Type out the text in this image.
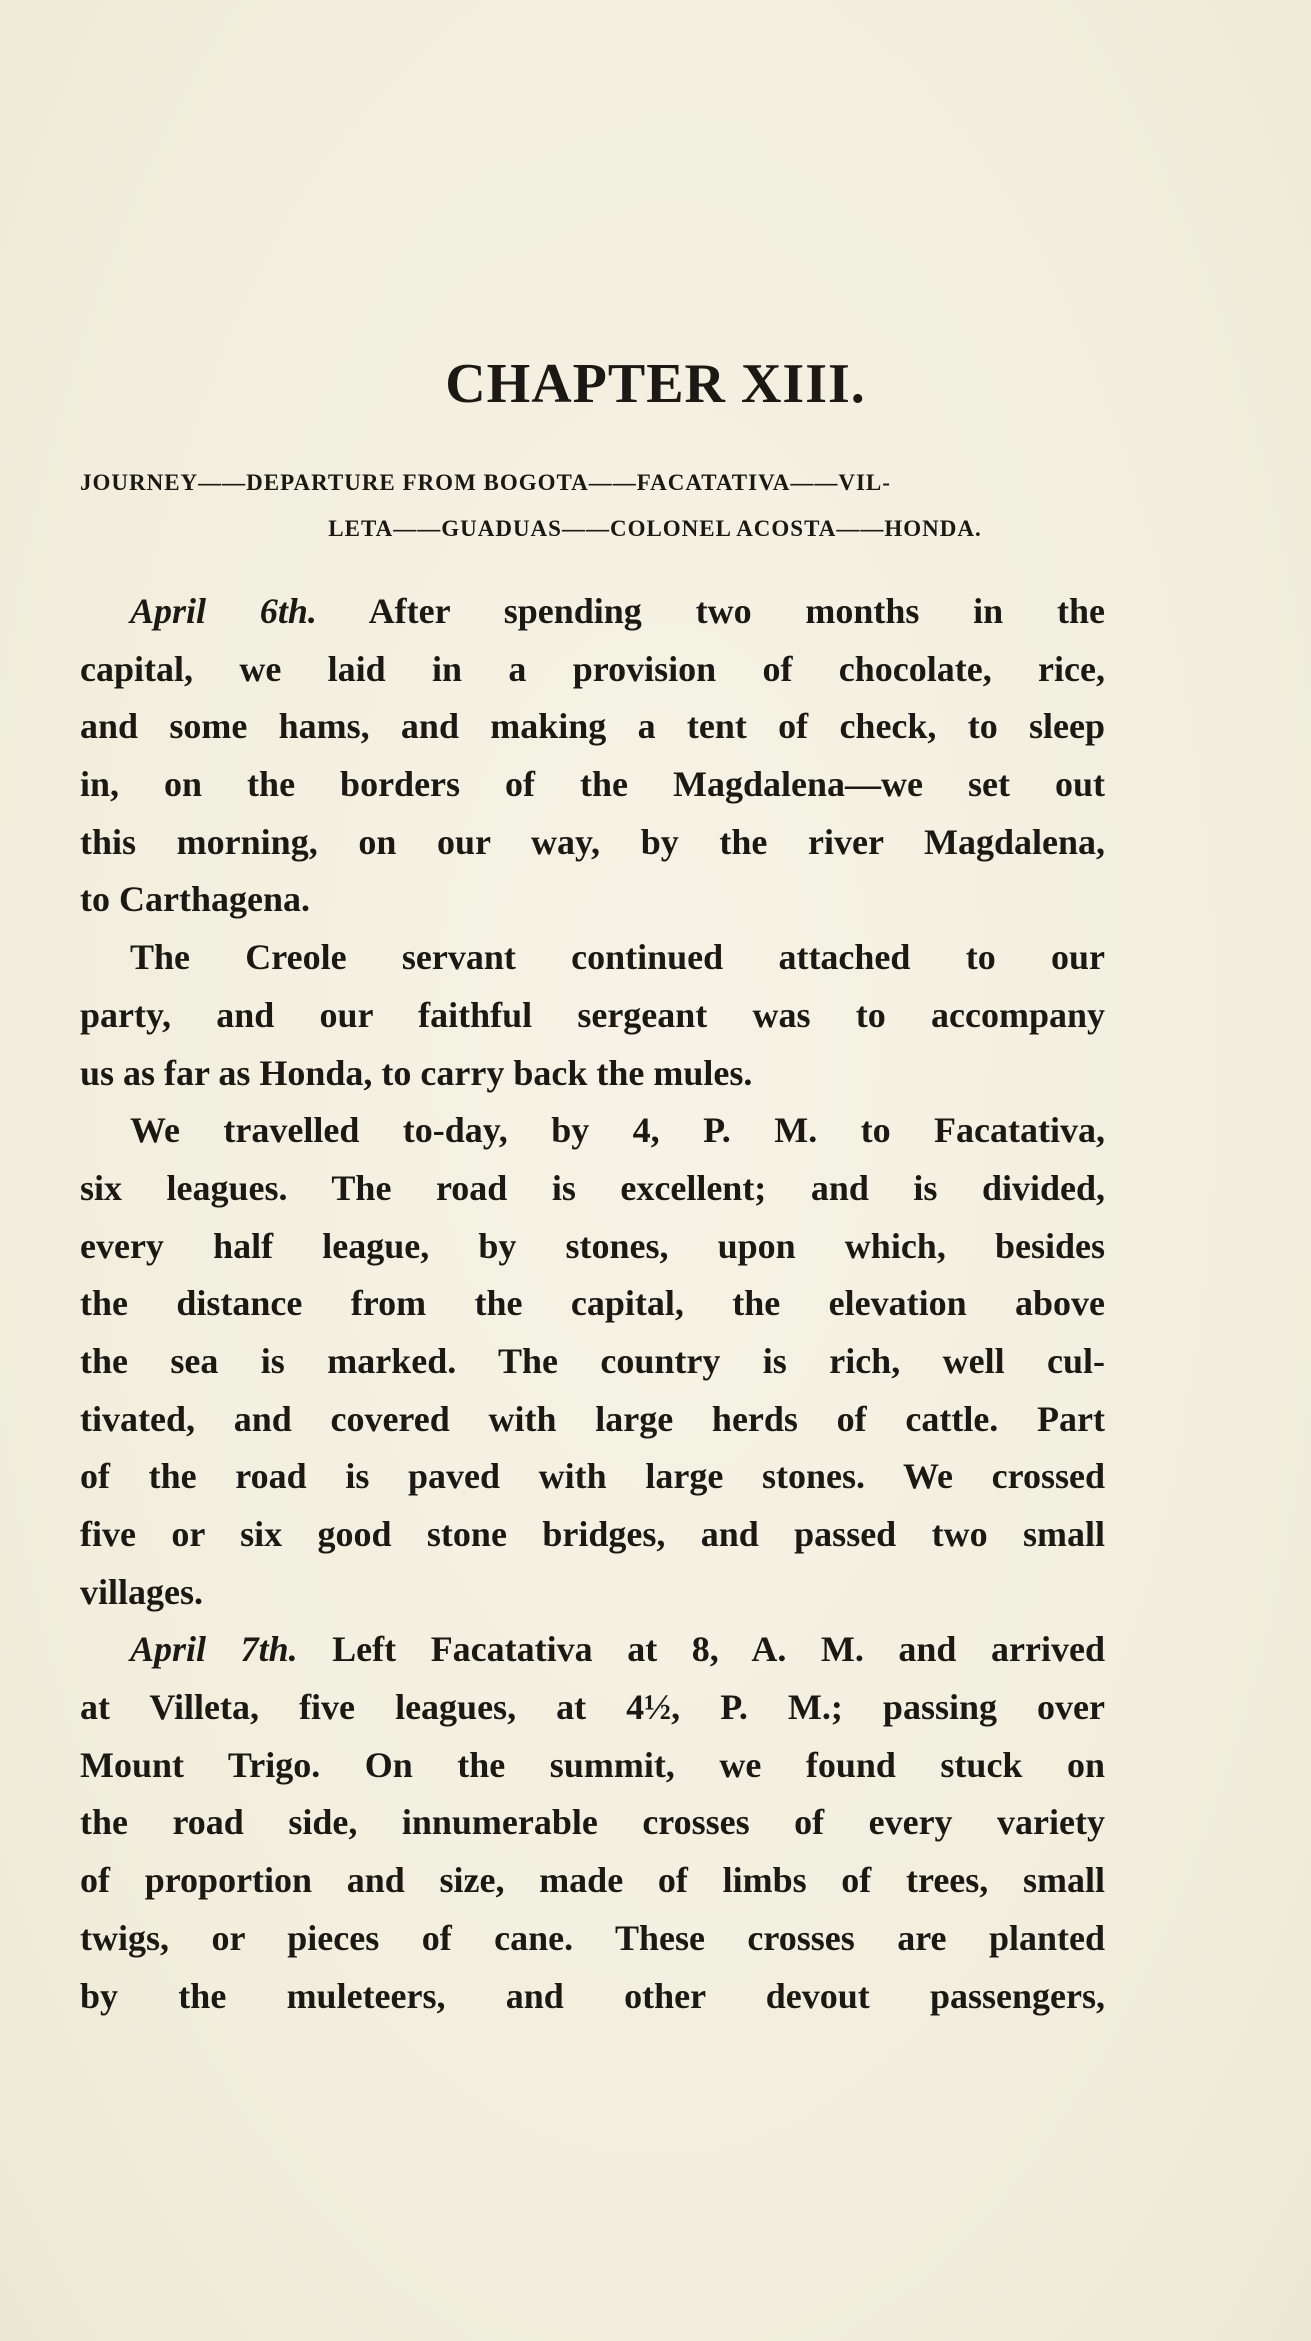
CHAPTER XIII.
JOURNEY——DEPARTURE FROM BOGOTA——FACATATIVA——VIL-
LETA——GUADUAS——COLONEL ACOSTA——HONDA.
April 6th. After spending two months in the
capital, we laid in a provision of chocolate, rice,
and some hams, and making a tent of check, to sleep
in, on the borders of the Magdalena—we set out
this morning, on our way, by the river Magdalena,
to Carthagena.
The Creole servant continued attached to our
party, and our faithful sergeant was to accompany
us as far as Honda, to carry back the mules.
We travelled to-day, by 4, P. M. to Facatativa,
six leagues. The road is excellent; and is divided,
every half league, by stones, upon which, besides
the distance from the capital, the elevation above
the sea is marked. The country is rich, well cul-
tivated, and covered with large herds of cattle. Part
of the road is paved with large stones. We crossed
five or six good stone bridges, and passed two small
villages.
April 7th. Left Facatativa at 8, A. M. and arrived
at Villeta, five leagues, at 4½, P. M.; passing over
Mount Trigo. On the summit, we found stuck on
the road side, innumerable crosses of every variety
of proportion and size, made of limbs of trees, small
twigs, or pieces of cane. These crosses are planted
by the muleteers, and other devout passengers,
